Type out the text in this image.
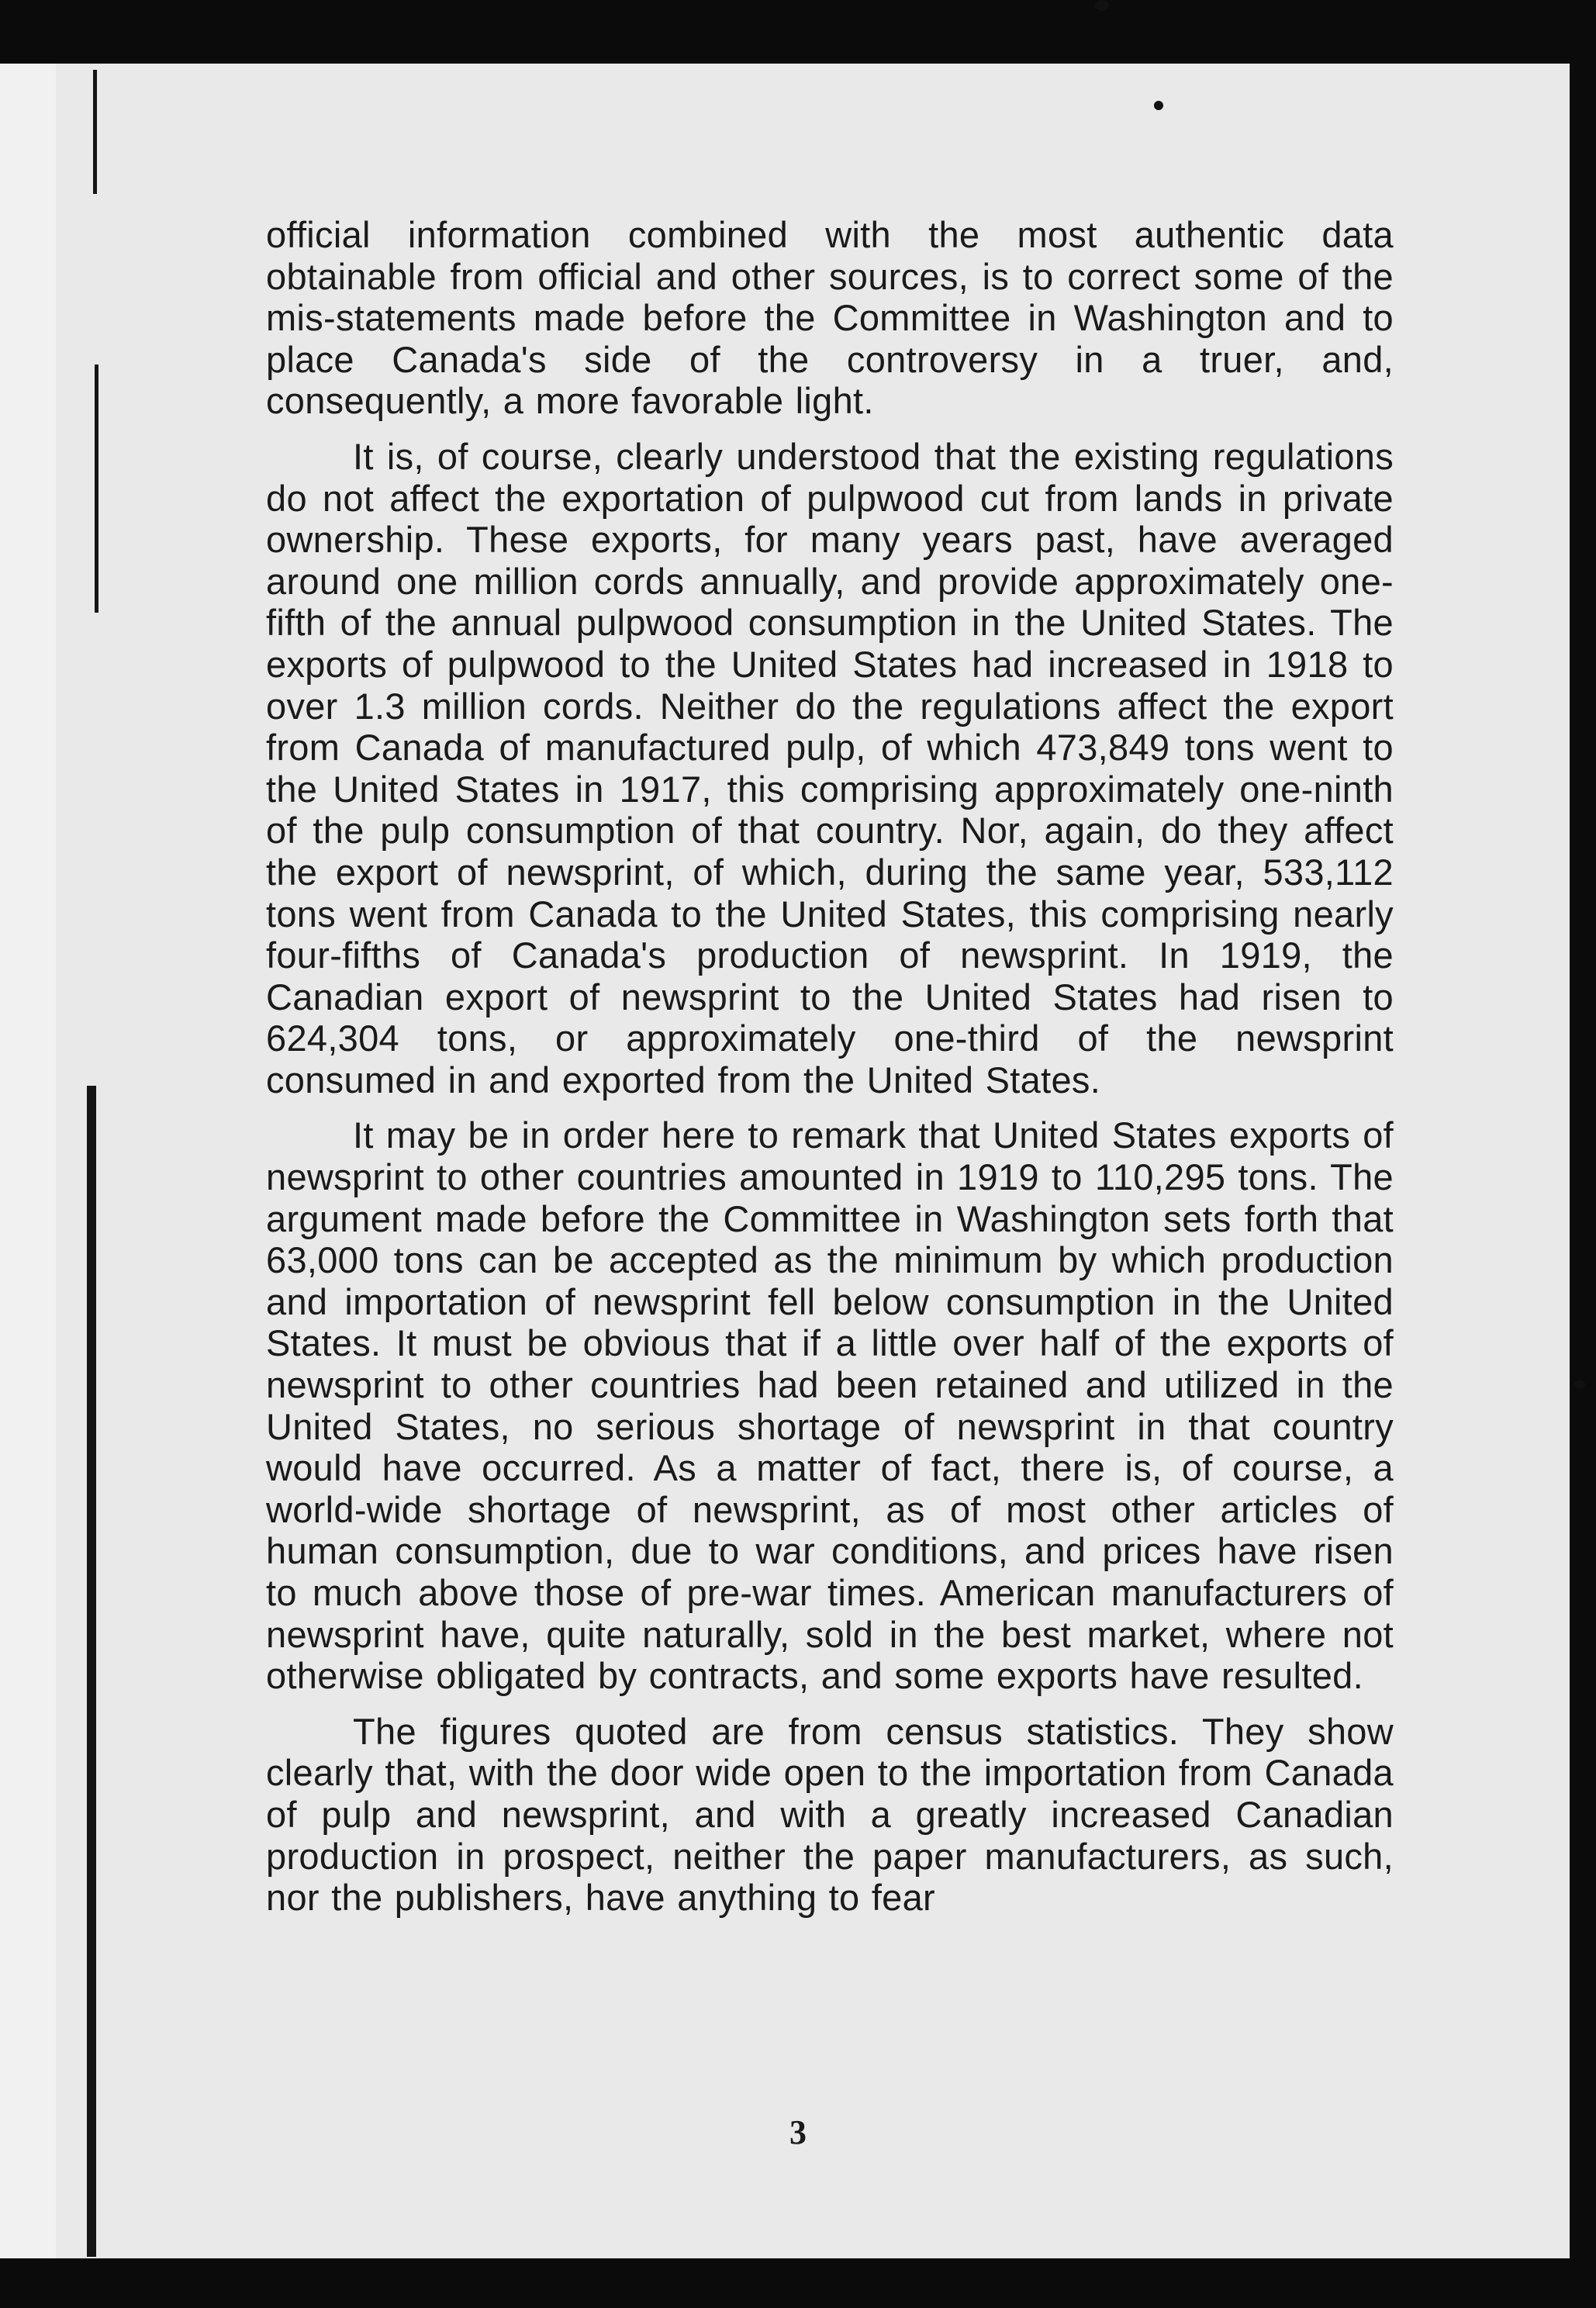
official information combined with the most authentic data obtainable from official and other sources, is to correct some of the mis-statements made before the Committee in Washington and to place Canada's side of the controversy in a truer, and, consequently, a more favorable light.

It is, of course, clearly understood that the existing regulations do not affect the exportation of pulpwood cut from lands in private ownership. These exports, for many years past, have averaged around one million cords annually, and provide approximately one-fifth of the annual pulpwood consumption in the United States. The exports of pulpwood to the United States had increased in 1918 to over 1.3 million cords. Neither do the regulations affect the export from Canada of manufactured pulp, of which 473,849 tons went to the United States in 1917, this comprising approximately one-ninth of the pulp consumption of that country. Nor, again, do they affect the export of newsprint, of which, during the same year, 533,112 tons went from Canada to the United States, this comprising nearly four-fifths of Canada's production of newsprint. In 1919, the Canadian export of newsprint to the United States had risen to 624,304 tons, or approximately one-third of the newsprint consumed in and exported from the United States.

It may be in order here to remark that United States exports of newsprint to other countries amounted in 1919 to 110,295 tons. The argument made before the Committee in Washington sets forth that 63,000 tons can be accepted as the minimum by which production and importation of newsprint fell below consumption in the United States. It must be obvious that if a little over half of the exports of newsprint to other countries had been retained and utilized in the United States, no serious shortage of newsprint in that country would have occurred. As a matter of fact, there is, of course, a world-wide shortage of newsprint, as of most other articles of human consumption, due to war conditions, and prices have risen to much above those of pre-war times. American manufacturers of newsprint have, quite naturally, sold in the best market, where not otherwise obligated by contracts, and some exports have resulted.

The figures quoted are from census statistics. They show clearly that, with the door wide open to the importation from Canada of pulp and newsprint, and with a greatly increased Canadian production in prospect, neither the paper manufacturers, as such, nor the publishers, have anything to fear

3
